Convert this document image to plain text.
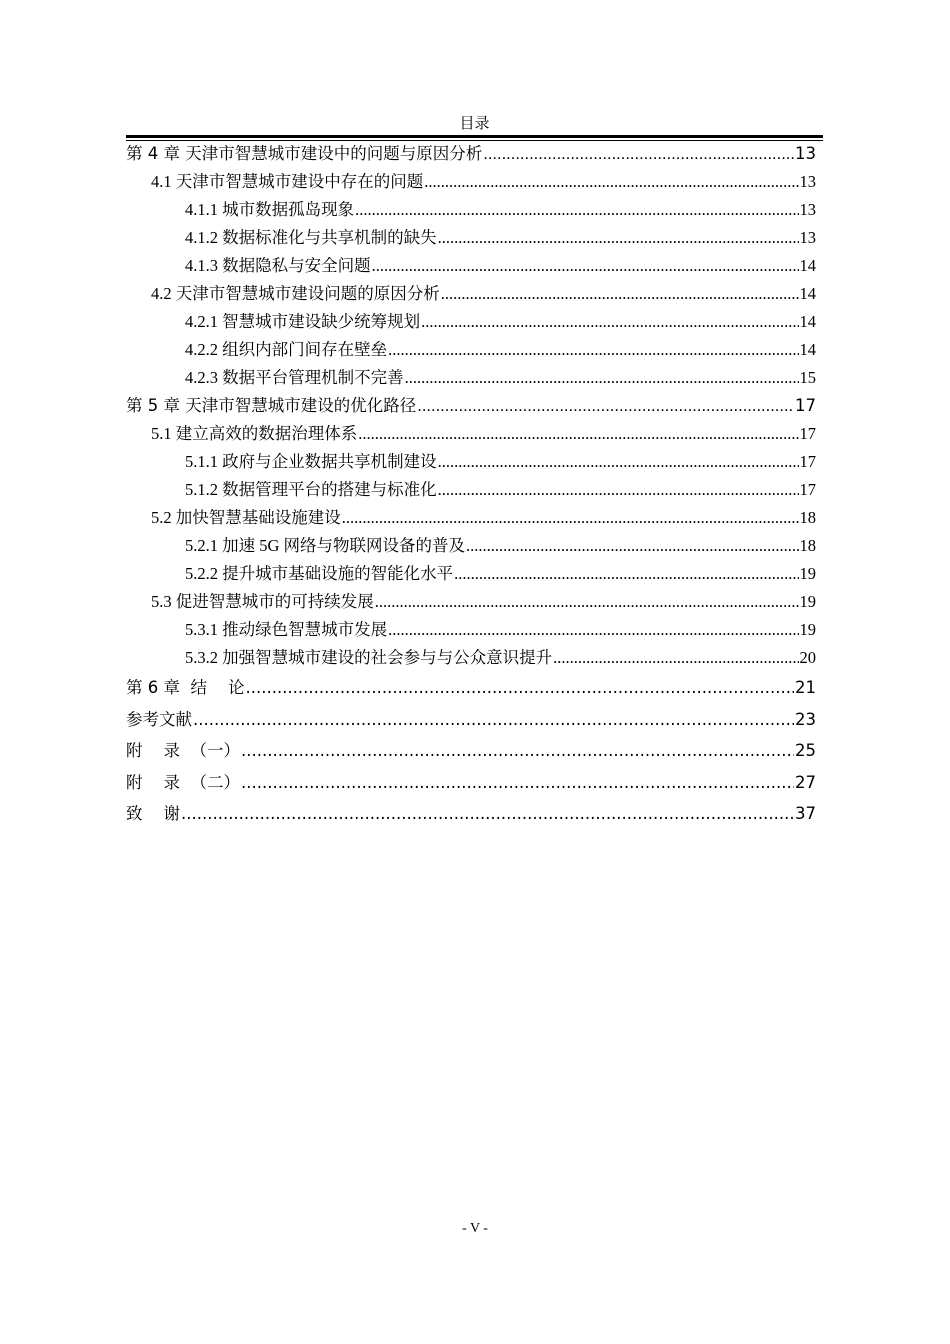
目录
第 4 章 天津市智慧城市建设中的问题与原因分析 .....	13
4.1 天津市智慧城市建设中存在的问题 .....	13
4.1.1 城市数据孤岛现象 .....	13
4.1.2 数据标准化与共享机制的缺失 .....	13
4.1.3 数据隐私与安全问题 .....	14
4.2 天津市智慧城市建设问题的原因分析 .....	14
4.2.1 智慧城市建设缺少统筹规划 .....	14
4.2.2 组织内部门间存在壁垒 .....	14
4.2.3 数据平台管理机制不完善 .....	15
第 5 章 天津市智慧城市建设的优化路径 .....	17
5.1 建立高效的数据治理体系 .....	17
5.1.1 政府与企业数据共享机制建设 .....	17
5.1.2 数据管理平台的搭建与标准化 .....	17
5.2 加快智慧基础设施建设 .....	18
5.2.1 加速 5G 网络与物联网设备的普及 .....	18
5.2.2 提升城市基础设施的智能化水平 .....	19
5.3 促进智慧城市的可持续发展 .....	19
5.3.1 推动绿色智慧城市发展 .....	19
5.3.2 加强智慧城市建设的社会参与与公众意识提升 .....	20
第 6 章  结    论 .....	21
参考文献 .....	23
附    录  （一） .....	25
附    录  （二） .....	27
致    谢 .....	37
- V -
